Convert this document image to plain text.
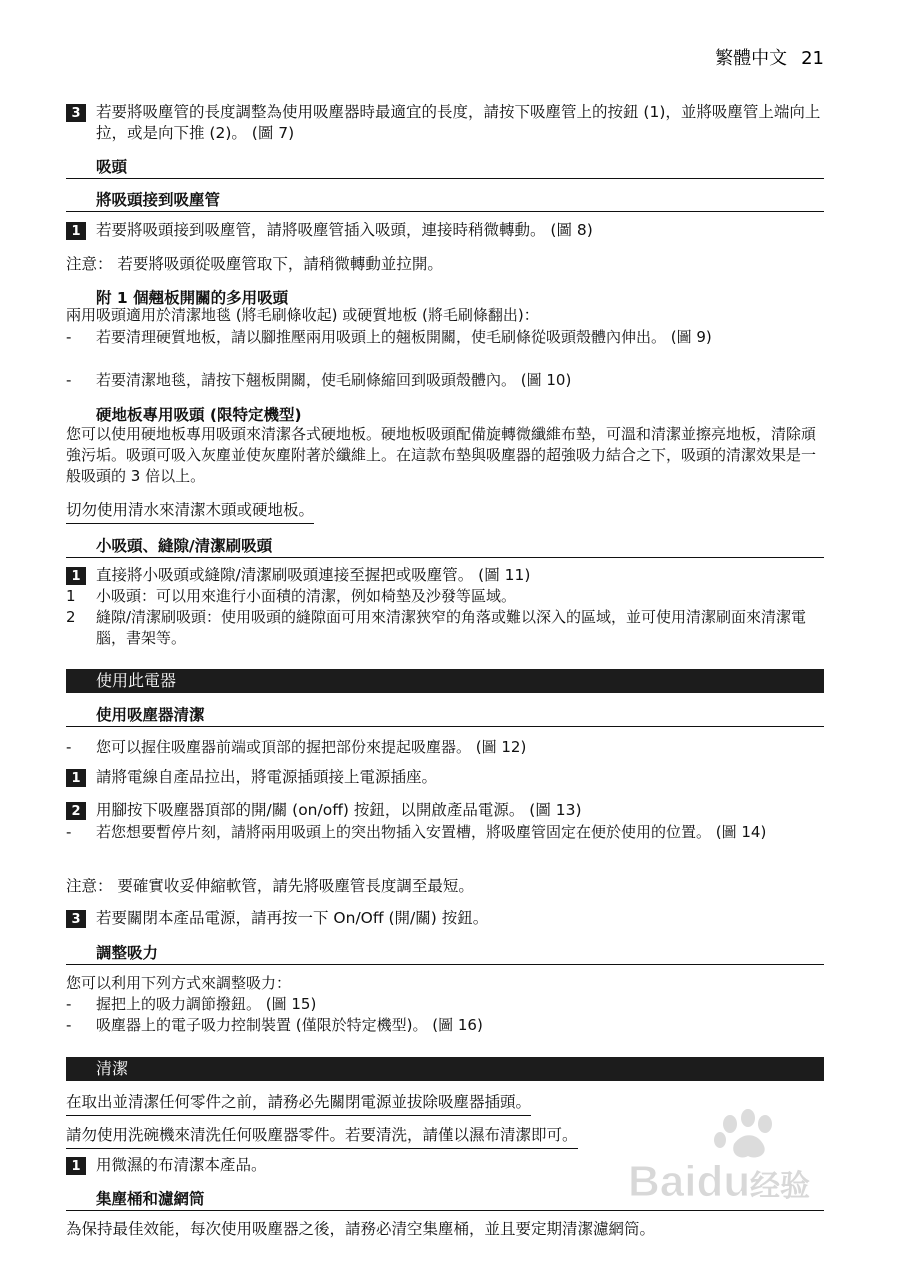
繁體中文 21
3 若要將吸塵管的長度調整為使用吸塵器時最適宜的長度，請按下吸塵管上的按鈕 (1)，並將吸塵管上端向上拉，或是向下推 (2)。 (圖 7)
吸頭
將吸頭接到吸塵管
1 若要將吸頭接到吸塵管，請將吸塵管插入吸頭，連接時稍微轉動。 (圖 8)
注意： 若要將吸頭從吸塵管取下，請稍微轉動並拉開。
附 1 個翹板開關的多用吸頭
兩用吸頭適用於清潔地毯 (將毛刷條收起) 或硬質地板 (將毛刷條翻出)：
- 若要清理硬質地板，請以腳推壓兩用吸頭上的翹板開關，使毛刷條從吸頭殼體內伸出。 (圖 9)
- 若要清潔地毯，請按下翹板開關，使毛刷條縮回到吸頭殼體內。 (圖 10)
硬地板專用吸頭 (限特定機型)
您可以使用硬地板專用吸頭來清潔各式硬地板。硬地板吸頭配備旋轉微纖維布墊，可溫和清潔並擦亮地板，清除頑強污垢。吸頭可吸入灰塵並使灰塵附著於纖維上。在這款布墊與吸塵器的超強吸力結合之下，吸頭的清潔效果是一般吸頭的 3 倍以上。
切勿使用清水來清潔木頭或硬地板。
小吸頭、縫隙/清潔刷吸頭
1 直接將小吸頭或縫隙/清潔刷吸頭連接至握把或吸塵管。 (圖 11)
1 小吸頭：可以用來進行小面積的清潔，例如椅墊及沙發等區域。
2 縫隙/清潔刷吸頭：使用吸頭的縫隙面可用來清潔狹窄的角落或難以深入的區域，並可使用清潔刷面來清潔電腦，書架等。
使用此電器
使用吸塵器清潔
- 您可以握住吸塵器前端或頂部的握把部份來提起吸塵器。 (圖 12)
1 請將電線自產品拉出，將電源插頭接上電源插座。
2 用腳按下吸塵器頂部的開/關 (on/off) 按鈕，以開啟產品電源。 (圖 13)
- 若您想要暫停片刻，請將兩用吸頭上的突出物插入安置槽，將吸塵管固定在便於使用的位置。 (圖 14)
注意： 要確實收妥伸縮軟管，請先將吸塵管長度調至最短。
3 若要關閉本產品電源，請再按一下 On/Off (開/關) 按鈕。
調整吸力
您可以利用下列方式來調整吸力：
- 握把上的吸力調節撥鈕。 (圖 15)
- 吸塵器上的電子吸力控制裝置 (僅限於特定機型)。 (圖 16)
清潔
在取出並清潔任何零件之前，請務必先關閉電源並拔除吸塵器插頭。
請勿使用洗碗機來清洗任何吸塵器零件。若要清洗，請僅以濕布清潔即可。
1 用微濕的布清潔本產品。
集塵桶和濾網筒
為保持最佳效能，每次使用吸塵器之後，請務必清空集塵桶，並且要定期清潔濾網筒。
Baidu 经验
